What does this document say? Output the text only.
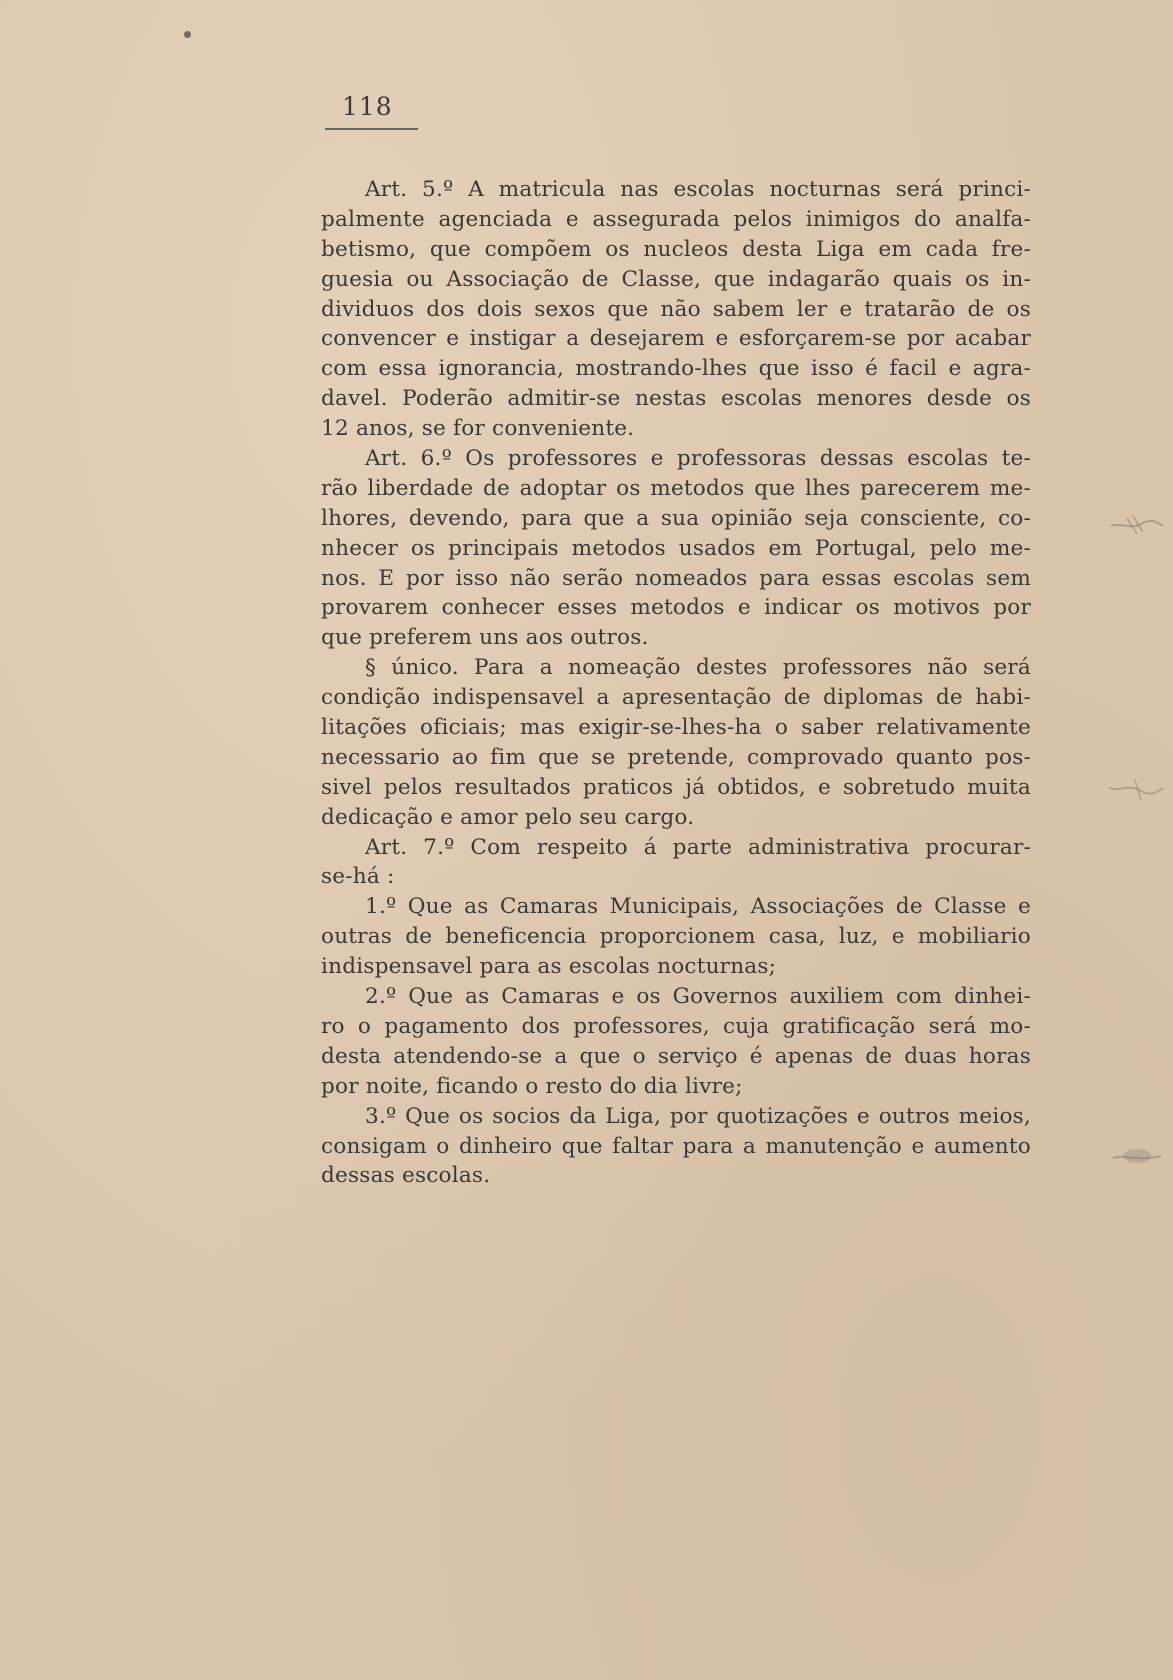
118
Art. 5.º A matricula nas escolas nocturnas será princi-
palmente agenciada e assegurada pelos inimigos do analfa-
betismo, que compõem os nucleos desta Liga em cada fre-
guesia ou Associação de Classe, que indagarão quais os in-
dividuos dos dois sexos que não sabem ler e tratarão de os
convencer e instigar a desejarem e esforçarem-se por acabar
com essa ignorancia, mostrando-lhes que isso é facil e agra-
davel. Poderão admitir-se nestas escolas menores desde os
12 anos, se for conveniente.
Art. 6.º Os professores e professoras dessas escolas te-
rão liberdade de adoptar os metodos que lhes parecerem me-
lhores, devendo, para que a sua opinião seja consciente, co-
nhecer os principais metodos usados em Portugal, pelo me-
nos. E por isso não serão nomeados para essas escolas sem
provarem conhecer esses metodos e indicar os motivos por
que preferem uns aos outros.
§ único. Para a nomeação destes professores não será
condição indispensavel a apresentação de diplomas de habi-
litações oficiais; mas exigir-se-lhes-ha o saber relativamente
necessario ao fim que se pretende, comprovado quanto pos-
sivel pelos resultados praticos já obtidos, e sobretudo muita
dedicação e amor pelo seu cargo.
Art. 7.º Com respeito á parte administrativa procurar-
se-há :
1.º Que as Camaras Municipais, Associações de Classe e
outras de beneficencia proporcionem casa, luz, e mobiliario
indispensavel para as escolas nocturnas;
2.º Que as Camaras e os Governos auxiliem com dinhei-
ro o pagamento dos professores, cuja gratificação será mo-
desta atendendo-se a que o serviço é apenas de duas horas
por noite, ficando o resto do dia livre;
3.º Que os socios da Liga, por quotizações e outros meios,
consigam o dinheiro que faltar para a manutenção e aumento
dessas escolas.
